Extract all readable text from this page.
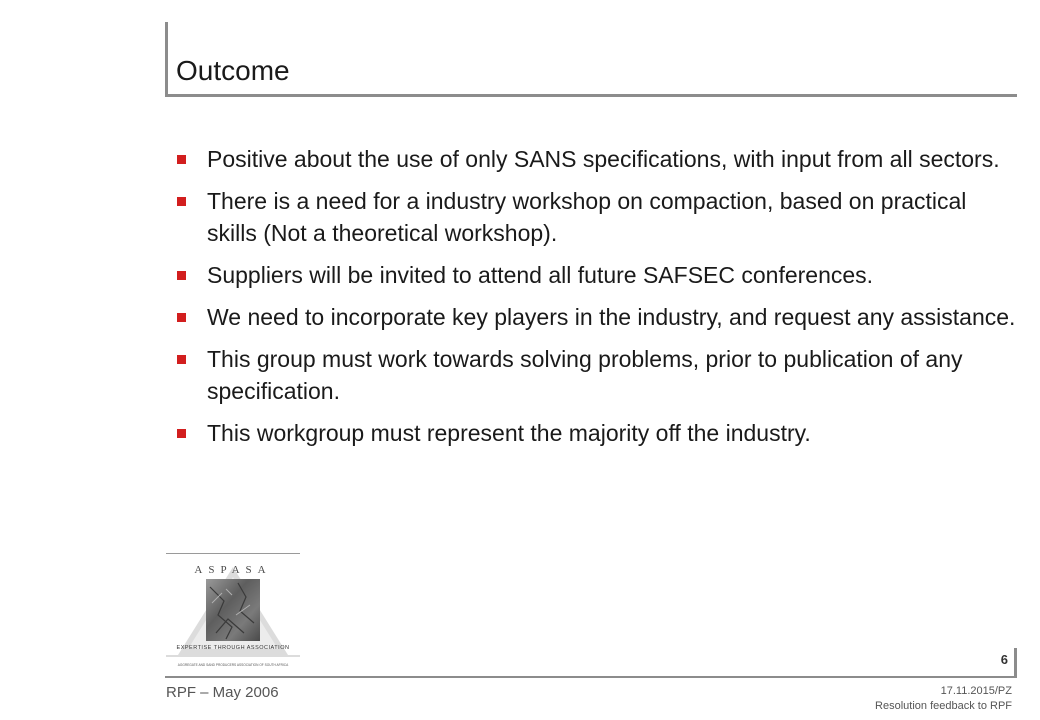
Outcome
Positive about the use of only SANS specifications, with input from all sectors.
There is a need for a industry workshop on compaction, based on practical skills (Not a theoretical workshop).
Suppliers will be invited to attend all future SAFSEC conferences.
We need to incorporate key players in the industry, and request any assistance.
This group must work towards solving problems, prior to publication of any specification.
This workgroup must represent the majority off the industry.
ASPASA
EXPERTISE THROUGH ASSOCIATION
AGGREGATE AND SAND PRODUCERS ASSOCIATION OF SOUTH AFRICA	6
RPF – May 2006	17.11.2015/PZ
Resolution feedback to RPF
